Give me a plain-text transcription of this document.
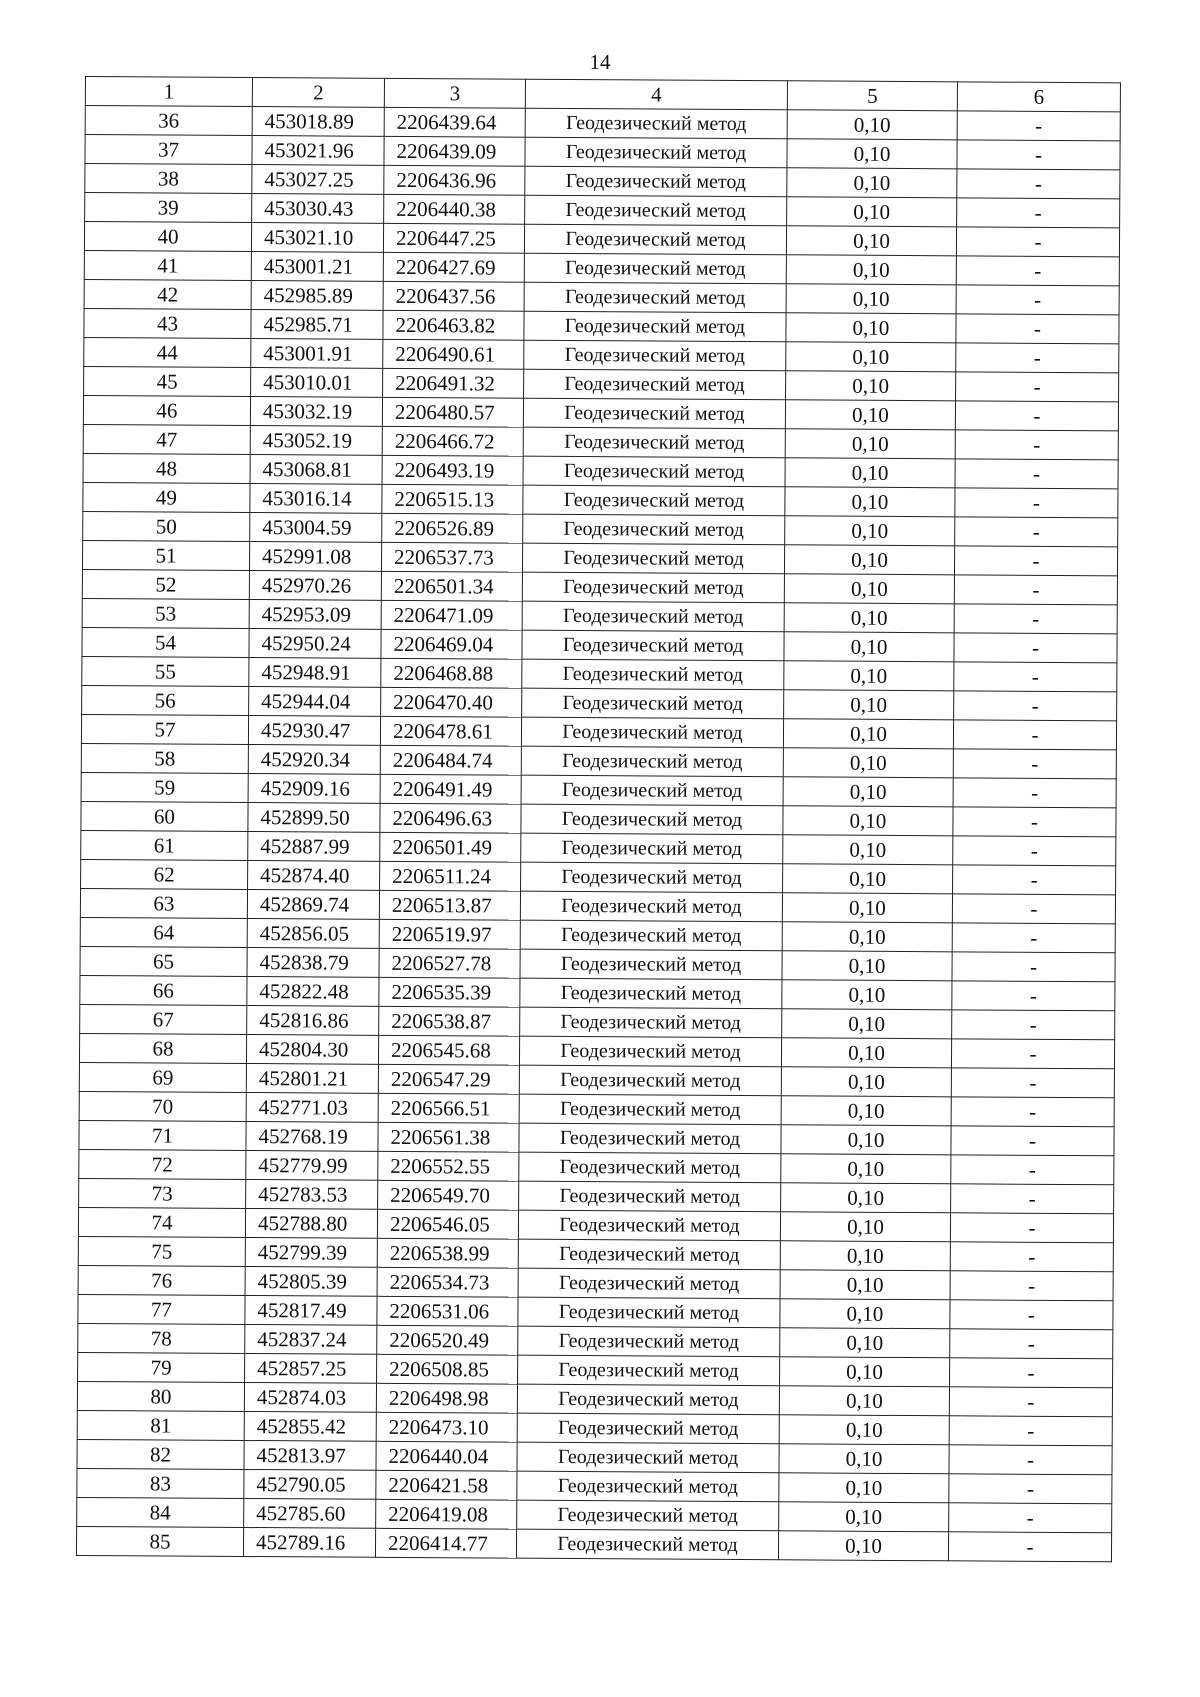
14
1	2	3	4	5	6
36	453018.89	2206439.64	Геодезический метод	0,10	-
37	453021.96	2206439.09	Геодезический метод	0,10	-
38	453027.25	2206436.96	Геодезический метод	0,10	-
39	453030.43	2206440.38	Геодезический метод	0,10	-
40	453021.10	2206447.25	Геодезический метод	0,10	-
41	453001.21	2206427.69	Геодезический метод	0,10	-
42	452985.89	2206437.56	Геодезический метод	0,10	-
43	452985.71	2206463.82	Геодезический метод	0,10	-
44	453001.91	2206490.61	Геодезический метод	0,10	-
45	453010.01	2206491.32	Геодезический метод	0,10	-
46	453032.19	2206480.57	Геодезический метод	0,10	-
47	453052.19	2206466.72	Геодезический метод	0,10	-
48	453068.81	2206493.19	Геодезический метод	0,10	-
49	453016.14	2206515.13	Геодезический метод	0,10	-
50	453004.59	2206526.89	Геодезический метод	0,10	-
51	452991.08	2206537.73	Геодезический метод	0,10	-
52	452970.26	2206501.34	Геодезический метод	0,10	-
53	452953.09	2206471.09	Геодезический метод	0,10	-
54	452950.24	2206469.04	Геодезический метод	0,10	-
55	452948.91	2206468.88	Геодезический метод	0,10	-
56	452944.04	2206470.40	Геодезический метод	0,10	-
57	452930.47	2206478.61	Геодезический метод	0,10	-
58	452920.34	2206484.74	Геодезический метод	0,10	-
59	452909.16	2206491.49	Геодезический метод	0,10	-
60	452899.50	2206496.63	Геодезический метод	0,10	-
61	452887.99	2206501.49	Геодезический метод	0,10	-
62	452874.40	2206511.24	Геодезический метод	0,10	-
63	452869.74	2206513.87	Геодезический метод	0,10	-
64	452856.05	2206519.97	Геодезический метод	0,10	-
65	452838.79	2206527.78	Геодезический метод	0,10	-
66	452822.48	2206535.39	Геодезический метод	0,10	-
67	452816.86	2206538.87	Геодезический метод	0,10	-
68	452804.30	2206545.68	Геодезический метод	0,10	-
69	452801.21	2206547.29	Геодезический метод	0,10	-
70	452771.03	2206566.51	Геодезический метод	0,10	-
71	452768.19	2206561.38	Геодезический метод	0,10	-
72	452779.99	2206552.55	Геодезический метод	0,10	-
73	452783.53	2206549.70	Геодезический метод	0,10	-
74	452788.80	2206546.05	Геодезический метод	0,10	-
75	452799.39	2206538.99	Геодезический метод	0,10	-
76	452805.39	2206534.73	Геодезический метод	0,10	-
77	452817.49	2206531.06	Геодезический метод	0,10	-
78	452837.24	2206520.49	Геодезический метод	0,10	-
79	452857.25	2206508.85	Геодезический метод	0,10	-
80	452874.03	2206498.98	Геодезический метод	0,10	-
81	452855.42	2206473.10	Геодезический метод	0,10	-
82	452813.97	2206440.04	Геодезический метод	0,10	-
83	452790.05	2206421.58	Геодезический метод	0,10	-
84	452785.60	2206419.08	Геодезический метод	0,10	-
85	452789.16	2206414.77	Геодезический метод	0,10	-
